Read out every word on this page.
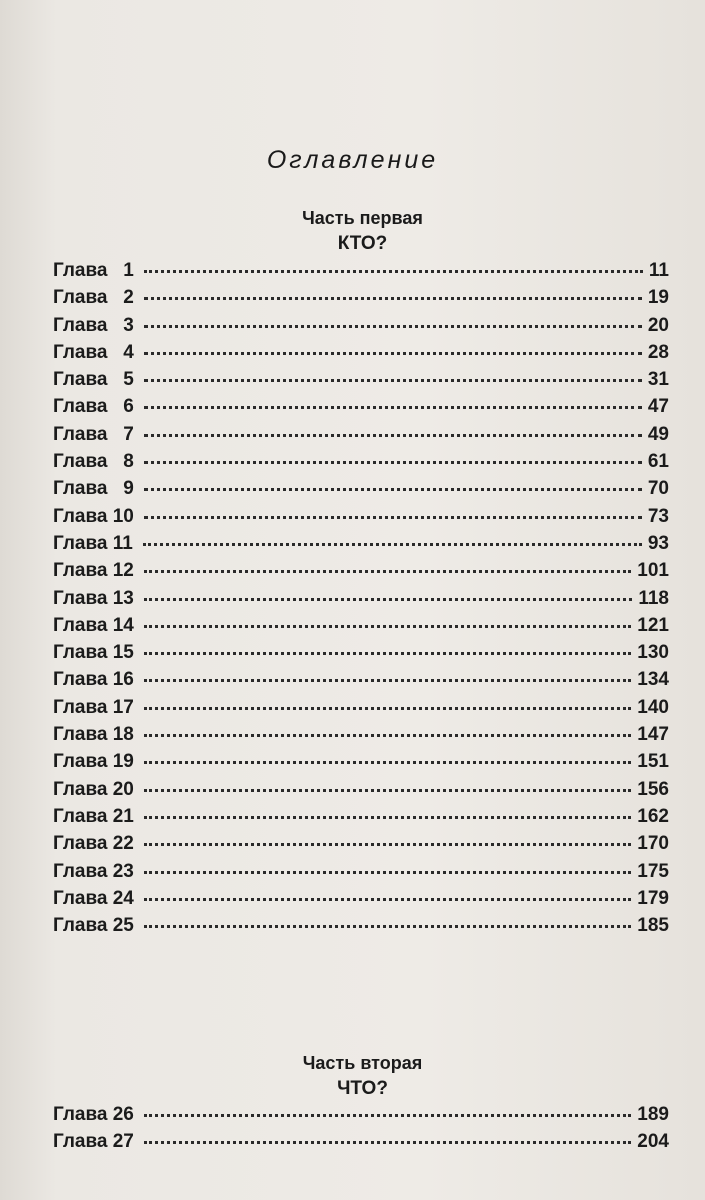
Оглавление
Часть первая
КТО?
Глава   1	11
Глава   2	19
Глава   3	20
Глава   4	28
Глава   5	31
Глава   6	47
Глава   7	49
Глава   8	61
Глава   9	70
Глава 10	73
Глава 11	93
Глава 12	101
Глава 13	118
Глава 14	121
Глава 15	130
Глава 16	134
Глава 17	140
Глава 18	147
Глава 19	151
Глава 20	156
Глава 21	162
Глава 22	170
Глава 23	175
Глава 24	179
Глава 25	185
Часть вторая
ЧТО?
Глава 26	189
Глава 27	204
